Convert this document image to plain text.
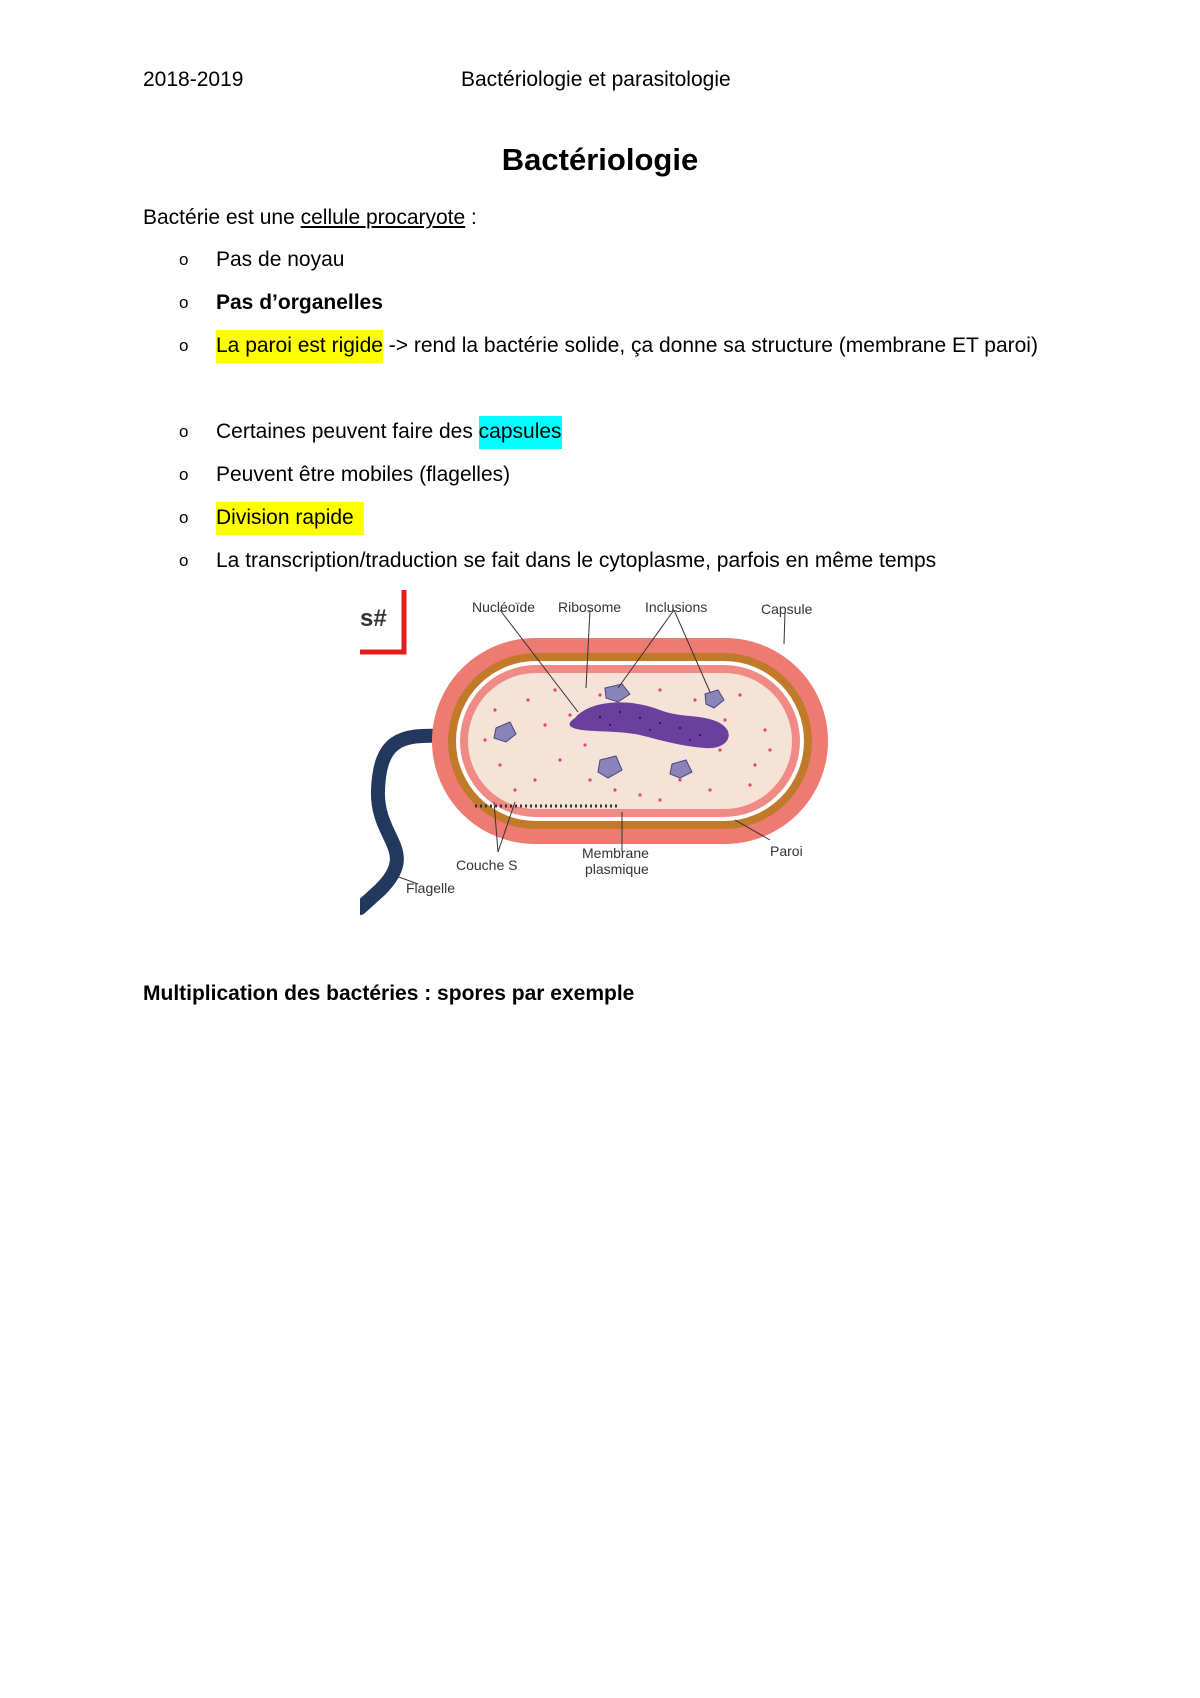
2018-2019	Bactériologie et parasitologie
Bactériologie
Bactérie est une cellule procaryote :
o Pas de noyau
o Pas d’organelles
o La paroi est rigide -> rend la bactérie solide, ça donne sa structure (membrane ET paroi)
o Certaines peuvent faire des capsules
o Peuvent être mobiles (flagelles)
o Division rapide
o La transcription/traduction se fait dans le cytoplasme, parfois en même temps
s#	Nucléoïde Ribosome Inclusions	Capsule
Couche S
Membrane
plasmique
Paroi
Flagelle
Multiplication des bactéries : spores par exemple
